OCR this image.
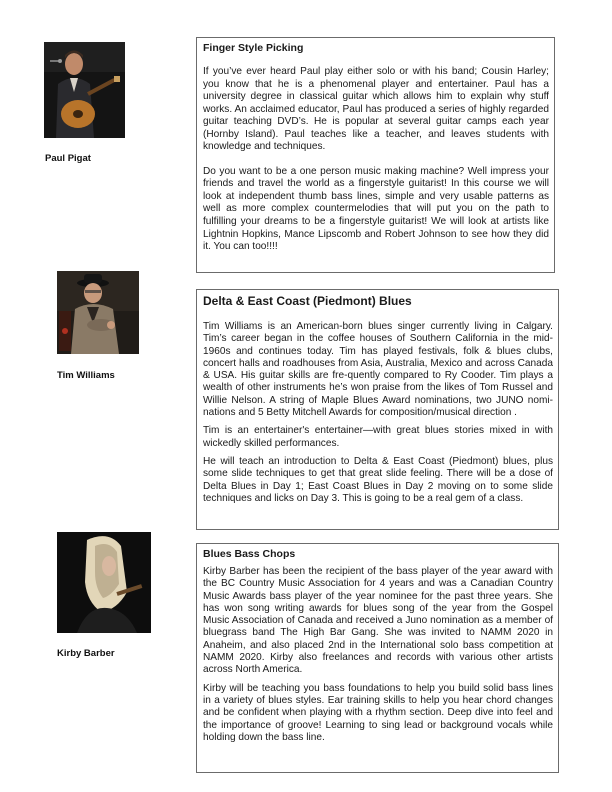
Paul Pigat
Finger Style Picking
If you’ve ever heard Paul play either solo or with his band; Cousin Harley; you know that he is a phenomenal player and entertainer. Paul has a university degree in classical guitar which allows him to explain why stuff works. An acclaimed educator, Paul has produced a series of highly regarded guitar teaching DVD’s. He is popular at several guitar camps each year (Hornby Island). Paul teaches like a teacher, and leaves students with knowledge and techniques.
Do you want to be a one person music making machine? Well impress your friends and travel the world as a fingerstyle guitarist! In this course we will look at independent thumb bass lines, simple and very usable patterns as well as more complex countermelodies that will put you on the path to fulfilling your dreams to be a fingerstyle guitarist! We will look at artists like Lightnin Hopkins, Mance Lipscomb and Robert Johnson to see how they did it. You can too!!!!
Tim Williams
Delta & East Coast (Piedmont) Blues
Tim Williams is an American-born blues singer currently living in Calgary. Tim’s career began in the coffee houses of Southern California in the mid-1960s and continues today. Tim has played festivals, folk & blues clubs, concert halls and roadhouses from Asia, Australia, Mexico and across Canada & USA. His guitar skills are fre-quently compared to Ry Cooder. Tim plays a wealth of other instruments he’s won praise from the likes of Tom Russel and Willie Nelson. A string of Maple Blues Award nominations, two JUNO nomi-nations and 5 Betty Mitchell Awards for composition/musical direction .
Tim is an entertainer's entertainer—with great blues stories mixed in with wickedly skilled performances.
He will teach an introduction to Delta & East Coast (Piedmont) blues, plus some slide techniques to get that great slide feeling. There will be a dose of Delta Blues in Day 1; East Coast Blues in Day 2 moving on to some slide techniques and licks on Day 3. This is going to be a real gem of a class.
Kirby Barber
Blues Bass Chops
Kirby Barber has been the recipient of the bass player of the year award with the BC Country Music Association for 4 years and was a Canadian Country Music Awards bass player of the year nominee for the past three years. She has won song writing awards for blues song of the year from the Gospel Music Association of Canada and received a Juno nomination as a member of bluegrass band The High Bar Gang. She was invited to NAMM 2020 in Anaheim, and also placed 2nd in the International solo bass competition at NAMM 2020. Kirby also freelances and records with various other artists across North America.
Kirby will be teaching you bass foundations to help you build solid bass lines in a variety of blues styles. Ear training skills to help you hear chord changes and be confident when playing with a rhythm section. Deep dive into feel and the importance of groove! Learning to sing lead or background vocals while holding down the bass line.
